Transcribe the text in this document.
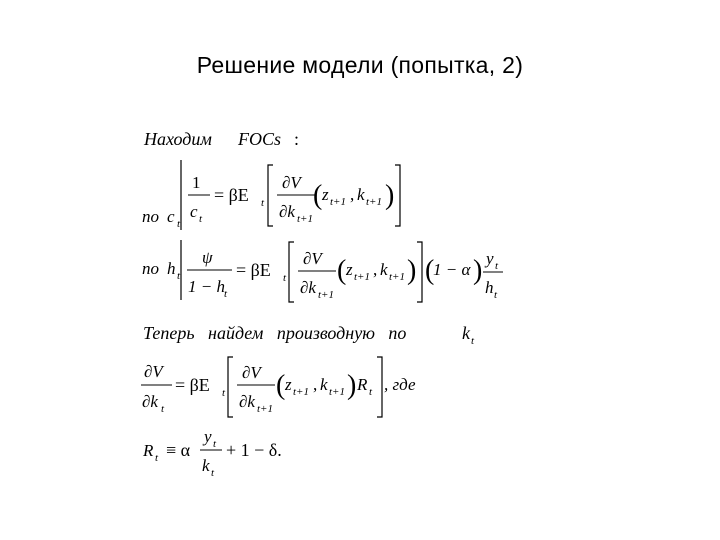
Решение модели (попытка, 2)
Находим FOCs :
по c t
1
c t
= βE t
∂V
∂k t+1
( z t+1 , k t+1 )
по h t
ψ
1 − h t
= βE t
∂V
∂k t+1
( z t+1 , k t+1 ) (
1 − α ) y t
h t
Теперь   найдем   производную   по	k t
∂V
∂k t
= βE t
∂V
∂k t+1
( z t+1 , k t+1 ) R t , где
R t ≡ α
y t
k t
+ 1 − δ.
